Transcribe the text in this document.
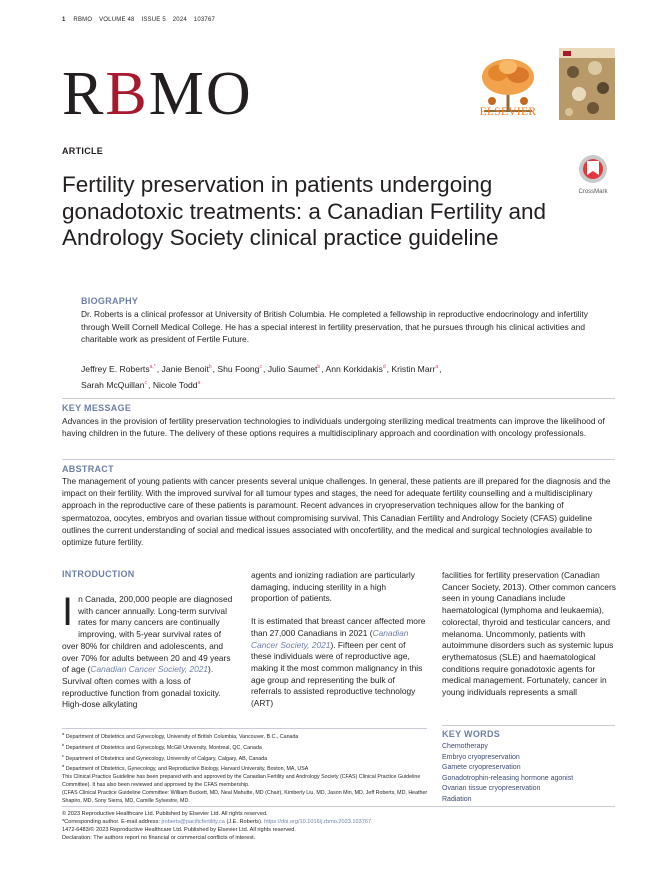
1 RBMO VOLUME 48 ISSUE 5 2024 103767
RBMO	ELSEVIER
CrossMark
ARTICLE
Fertility preservation in patients undergoing gonadotoxic treatments: a Canadian Fertility and Andrology Society clinical practice guideline
BIOGRAPHY
Dr. Roberts is a clinical professor at University of British Columbia. He completed a fellowship in reproductive endocrinology and infertility through Weill Cornell Medical College. He has a special interest in fertility preservation, that he pursues through his clinical activities and charitable work as president of Fertile Future.
Jeffrey E. Roberts$^{a,*}$, Janie Benoit$^b$, Shu Foong$^c$, Julio Saumet$^b$, Ann Korkidakis$^d$, Kristin Marr$^a$,
Sarah McQuillan$^c$, Nicole Todd$^a$
KEY MESSAGE
Advances in the provision of fertility preservation technologies to individuals undergoing sterilizing medical treatments can improve the likelihood of having children in the future. The delivery of these options requires a multidisciplinary approach and coordination with oncology professionals.
ABSTRACT
The management of young patients with cancer presents several unique challenges. In general, these patients are ill prepared for the diagnosis and the impact on their fertility. With the improved survival for all tumour types and stages, the need for adequate fertility counselling and a multidisciplinary approach in the reproductive care of these patients is paramount. Recent advances in cryopreservation techniques allow for the banking of spermatozoa, oocytes, embryos and ovarian tissue without compromising survival. This Canadian Fertility and Andrology Society (CFAS) guideline outlines the current understanding of social and medical issues associated with oncofertility, and the medical and surgical technologies available to optimize future fertility.
INTRODUCTION
In Canada, 200,000 people are diagnosed with cancer annually. Long-term survival rates for many cancers are continually improving, with 5-year survival rates of over 80% for children and adolescents, and over 70% for adults between 20 and 49 years of age (Canadian Cancer Society, 2021). Survival often comes with a loss of reproductive function from gonadal toxicity. High-dose alkylating
agents and ionizing radiation are particularly damaging, inducing sterility in a high proportion of patients.
It is estimated that breast cancer affected more than 27,000 Canadians in 2021 (Canadian Cancer Society, 2021). Fifteen per cent of these individuals were of reproductive age, making it the most common malignancy in this age group and representing the bulk of referrals to assisted reproductive technology (ART)
facilities for fertility preservation (Canadian Cancer Society, 2013). Other common cancers seen in young Canadians include haematological (lymphoma and leukaemia), colorectal, thyroid and testicular cancers, and melanoma. Uncommonly, patients with autoimmune disorders such as systemic lupus erythematosus (SLE) and haematological conditions require gonadotoxic agents for medical management. Fortunately, cancer in young individuals represents a small
$^a$ Department of Obstetrics and Gynecology, University of British Columbia, Vancouver, B.C., Canada
$^b$ Department of Obstetrics and Gynecology, McGill University, Montreal, QC, Canada
$^c$ Department of Obstetrics and Gynecology, University of Calgary, Calgary, AB, Canada
$^d$ Department of Obstetrics, Gynecology, and Reproductive Biology, Harvard University, Boston, MA, USA
This Clinical Practice Guideline has been prepared with and approved by the Canadian Fertility and Andrology Society (CFAS) Clinical Practice Guideline Committee). It has also been reviewed and approved by the CFAS membership.
(CFAS Clinical Practice Guideline Committee: William Buckett, MD, Neal Mahutte, MD (Chair), Kimberly Liu, MD, Jason Min, MD, Jeff Roberts, MD, Heather Shapiro, MD, Sony Sierra, MD, Camille Sylvestre, MD.
KEY WORDS
Chemotherapy
Embryo cryopreservation
Gamete cryopreservation
Gonadotrophin-releasing hormone agonist
Ovarian tissue cryopreservation
Radiation
© 2023 Reproductive Healthcare Ltd. Published by Elsevier Ltd. All rights reserved.
*Corresponding author. E-mail address: jroberts@pacificfertility.ca (J.E. Roberts). https://doi.org/10.1016/j.rbmo.2023.103767
1472-6483/© 2023 Reproductive Healthcare Ltd. Published by Elsevier Ltd. All rights reserved.
Declaration: The authors report no financial or commercial conflicts of interest.
